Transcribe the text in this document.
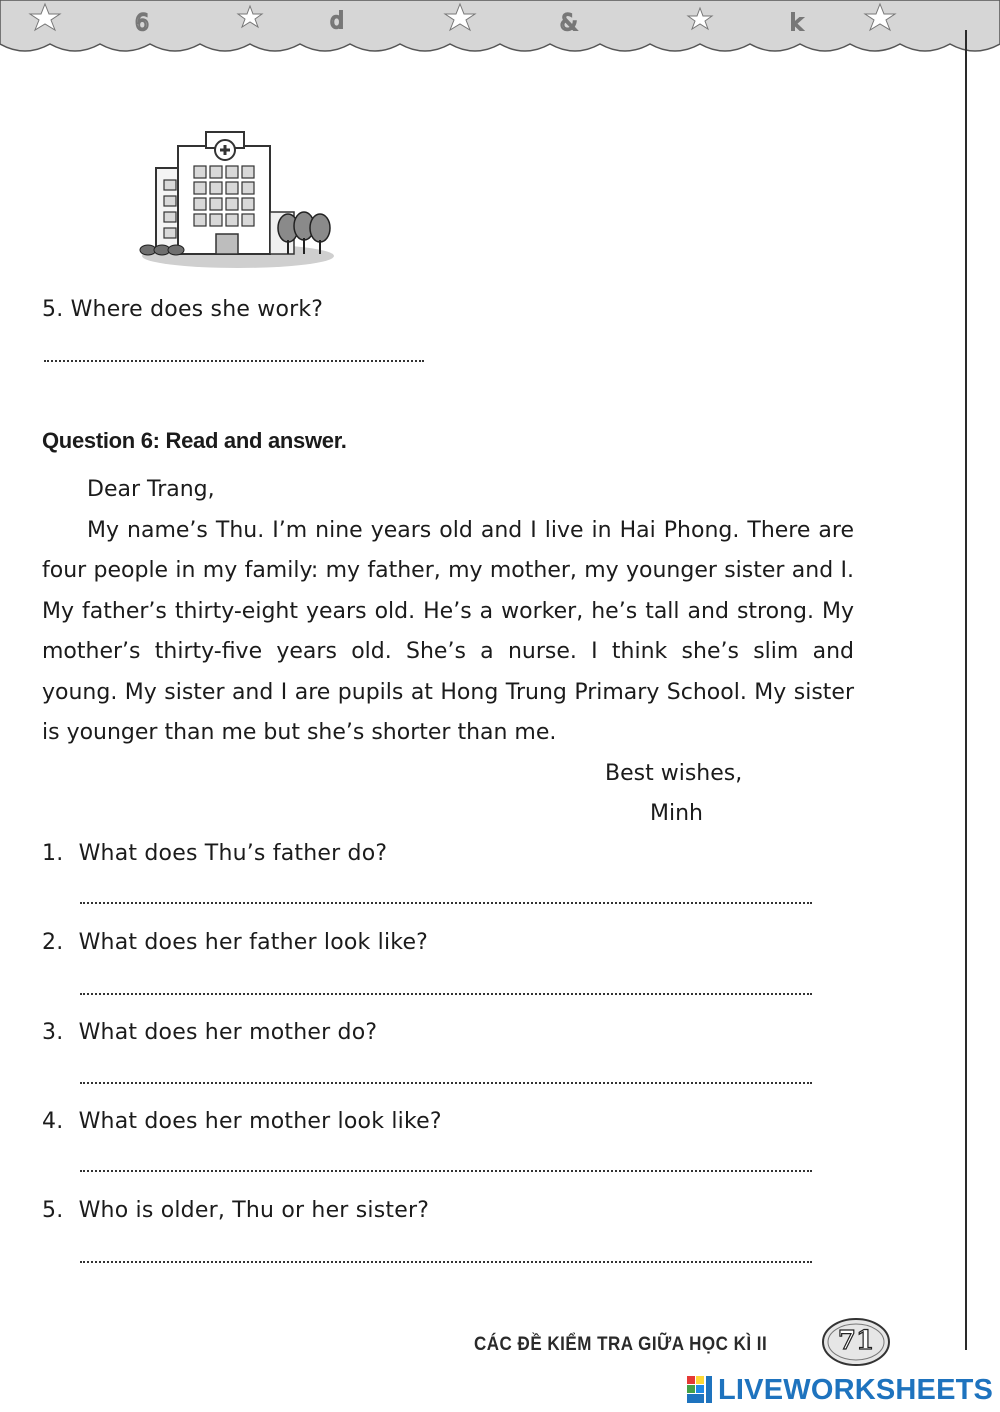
6	d	&	k
5. Where does she work?
Question 6: Read and answer.
Dear Trang,

My name’s Thu. I’m nine years old and I live in Hai Phong. There are four people in my family: my father, my mother, my younger sister and I. My father’s thirty-eight years old. He’s a worker, he’s tall and strong. My mother’s thirty-five years old. She’s a nurse. I think she’s slim and young. My sister and I are pupils at Hong Trung Primary School. My sister is younger than me but she’s shorter than me.

Best wishes,
Minh
1. What does Thu’s father do?
2. What does her father look like?
3. What does her mother do?
4. What does her mother look like?
5. Who is older, Thu or her sister?
CÁC ĐỀ KIỂM TRA GIỮA HỌC KÌ II	71
LIVEWORKSHEETS
